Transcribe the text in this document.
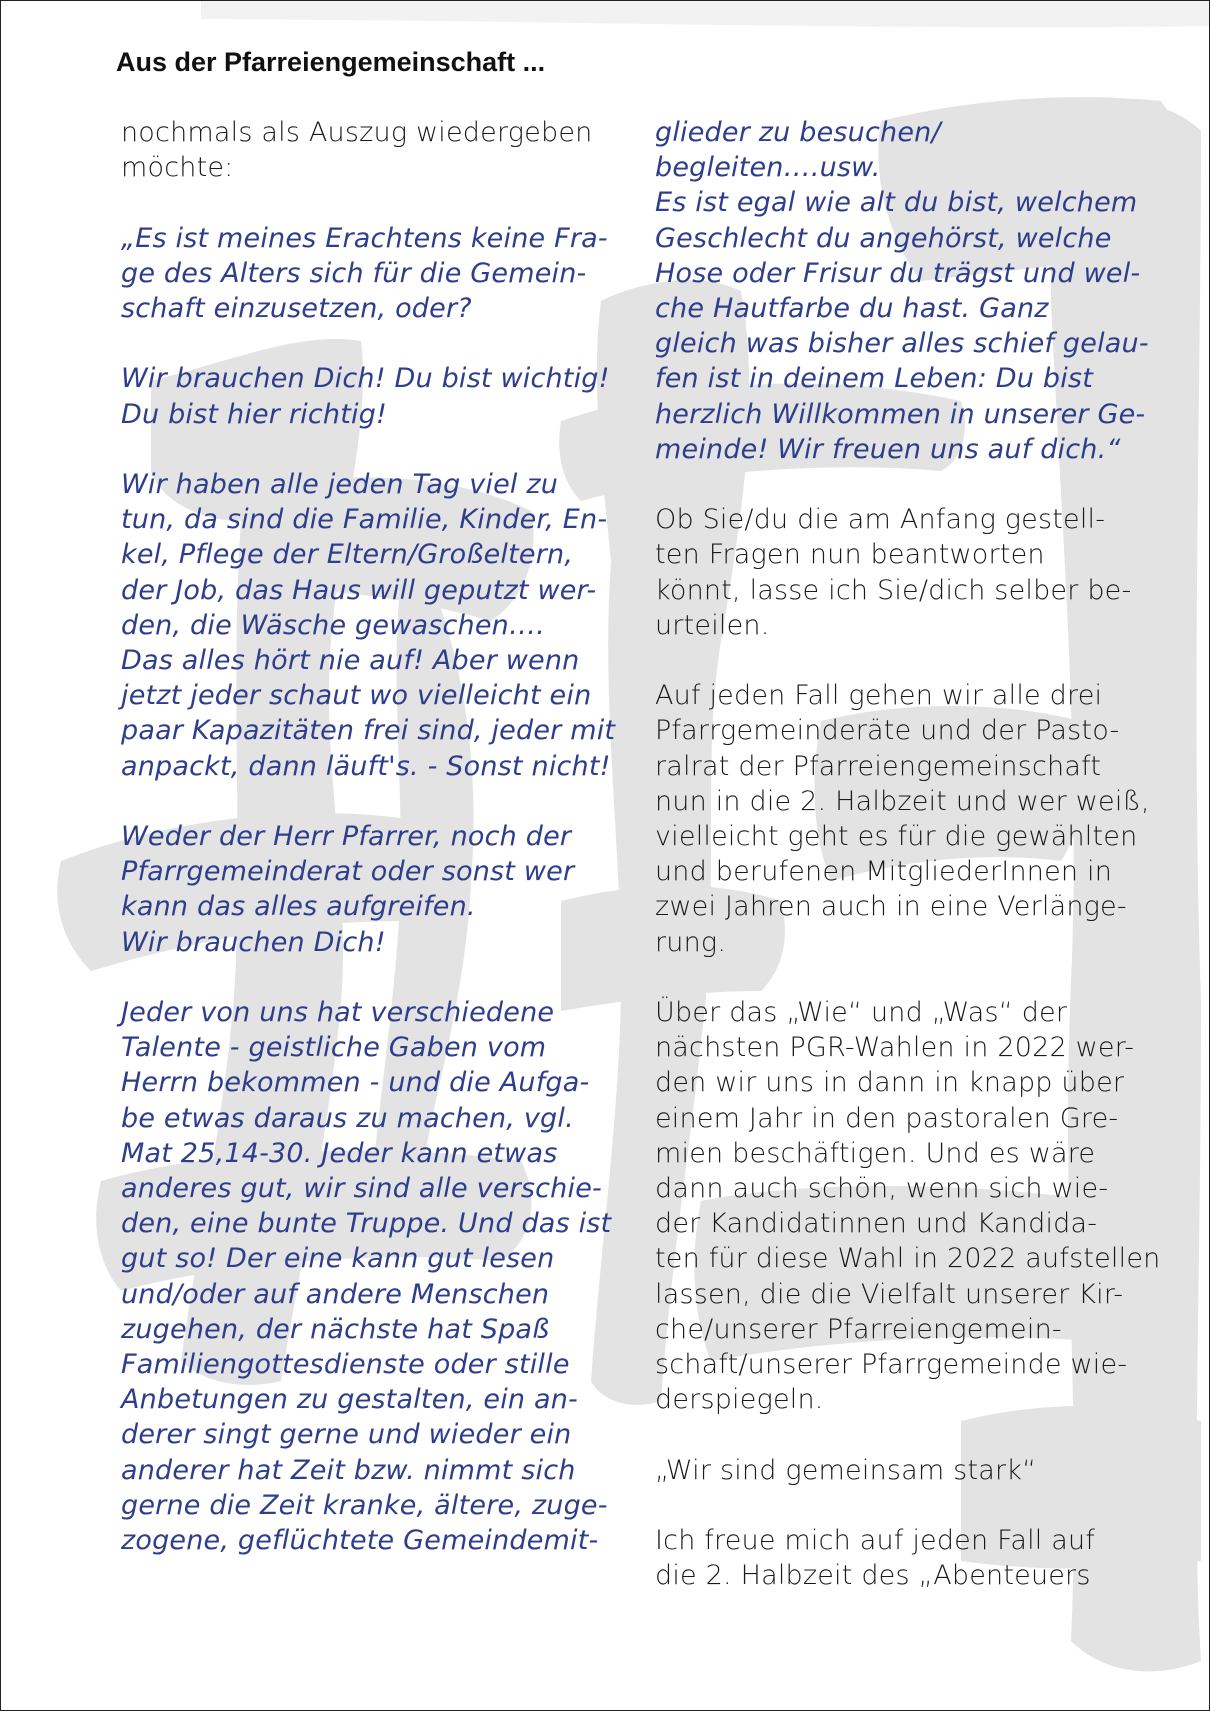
Aus der Pfarreiengemeinschaft ...

nochmals als Auszug wiedergeben
möchte:

„Es ist meines Erachtens keine Fra-
ge des Alters sich für die Gemein-
schaft einzusetzen, oder?

Wir brauchen Dich! Du bist wichtig!
Du bist hier richtig!

Wir haben alle jeden Tag viel zu
tun, da sind die Familie, Kinder, En-
kel, Pflege der Eltern/Großeltern,
der Job, das Haus will geputzt wer-
den, die Wäsche gewaschen….
Das alles hört nie auf! Aber wenn
jetzt jeder schaut wo vielleicht ein
paar Kapazitäten frei sind, jeder mit
anpackt, dann läuft's. - Sonst nicht!

Weder der Herr Pfarrer, noch der
Pfarrgemeinderat oder sonst wer
kann das alles aufgreifen.
Wir brauchen Dich!

Jeder von uns hat verschiedene
Talente - geistliche Gaben vom
Herrn bekommen - und die Aufga-
be etwas daraus zu machen, vgl.
Mat 25,14-30. Jeder kann etwas
anderes gut, wir sind alle verschie-
den, eine bunte Truppe. Und das ist
gut so! Der eine kann gut lesen
und/oder auf andere Menschen
zugehen, der nächste hat Spaß
Familiengottesdienste oder stille
Anbetungen zu gestalten, ein an-
derer singt gerne und wieder ein
anderer hat Zeit bzw. nimmt sich
gerne die Zeit kranke, ältere, zuge-
zogene, geflüchtete Gemeindemit-

glieder zu besuchen/
begleiten….usw.
Es ist egal wie alt du bist, welchem
Geschlecht du angehörst, welche
Hose oder Frisur du trägst und wel-
che Hautfarbe du hast. Ganz
gleich was bisher alles schief gelau-
fen ist in deinem Leben: Du bist
herzlich Willkommen in unserer Ge-
meinde! Wir freuen uns auf dich.“

Ob Sie/du die am Anfang gestell-
ten Fragen nun beantworten
könnt, lasse ich Sie/dich selber be-
urteilen.

Auf jeden Fall gehen wir alle drei
Pfarrgemeinderäte und der Pasto-
ralrat der Pfarreiengemeinschaft
nun in die 2. Halbzeit und wer weiß,
vielleicht geht es für die gewählten
und berufenen MitgliederInnen in
zwei Jahren auch in eine Verlänge-
rung.

Über das „Wie“ und „Was“ der
nächsten PGR-Wahlen in 2022 wer-
den wir uns in dann in knapp über
einem Jahr in den pastoralen Gre-
mien beschäftigen. Und es wäre
dann auch schön, wenn sich wie-
der Kandidatinnen und Kandida-
ten für diese Wahl in 2022 aufstellen
lassen, die die Vielfalt unserer Kir-
che/unserer Pfarreiengemein-
schaft/unserer Pfarrgemeinde wie-
derspiegeln.

„Wir sind gemeinsam stark“

Ich freue mich auf jeden Fall auf
die 2. Halbzeit des „Abenteuers
